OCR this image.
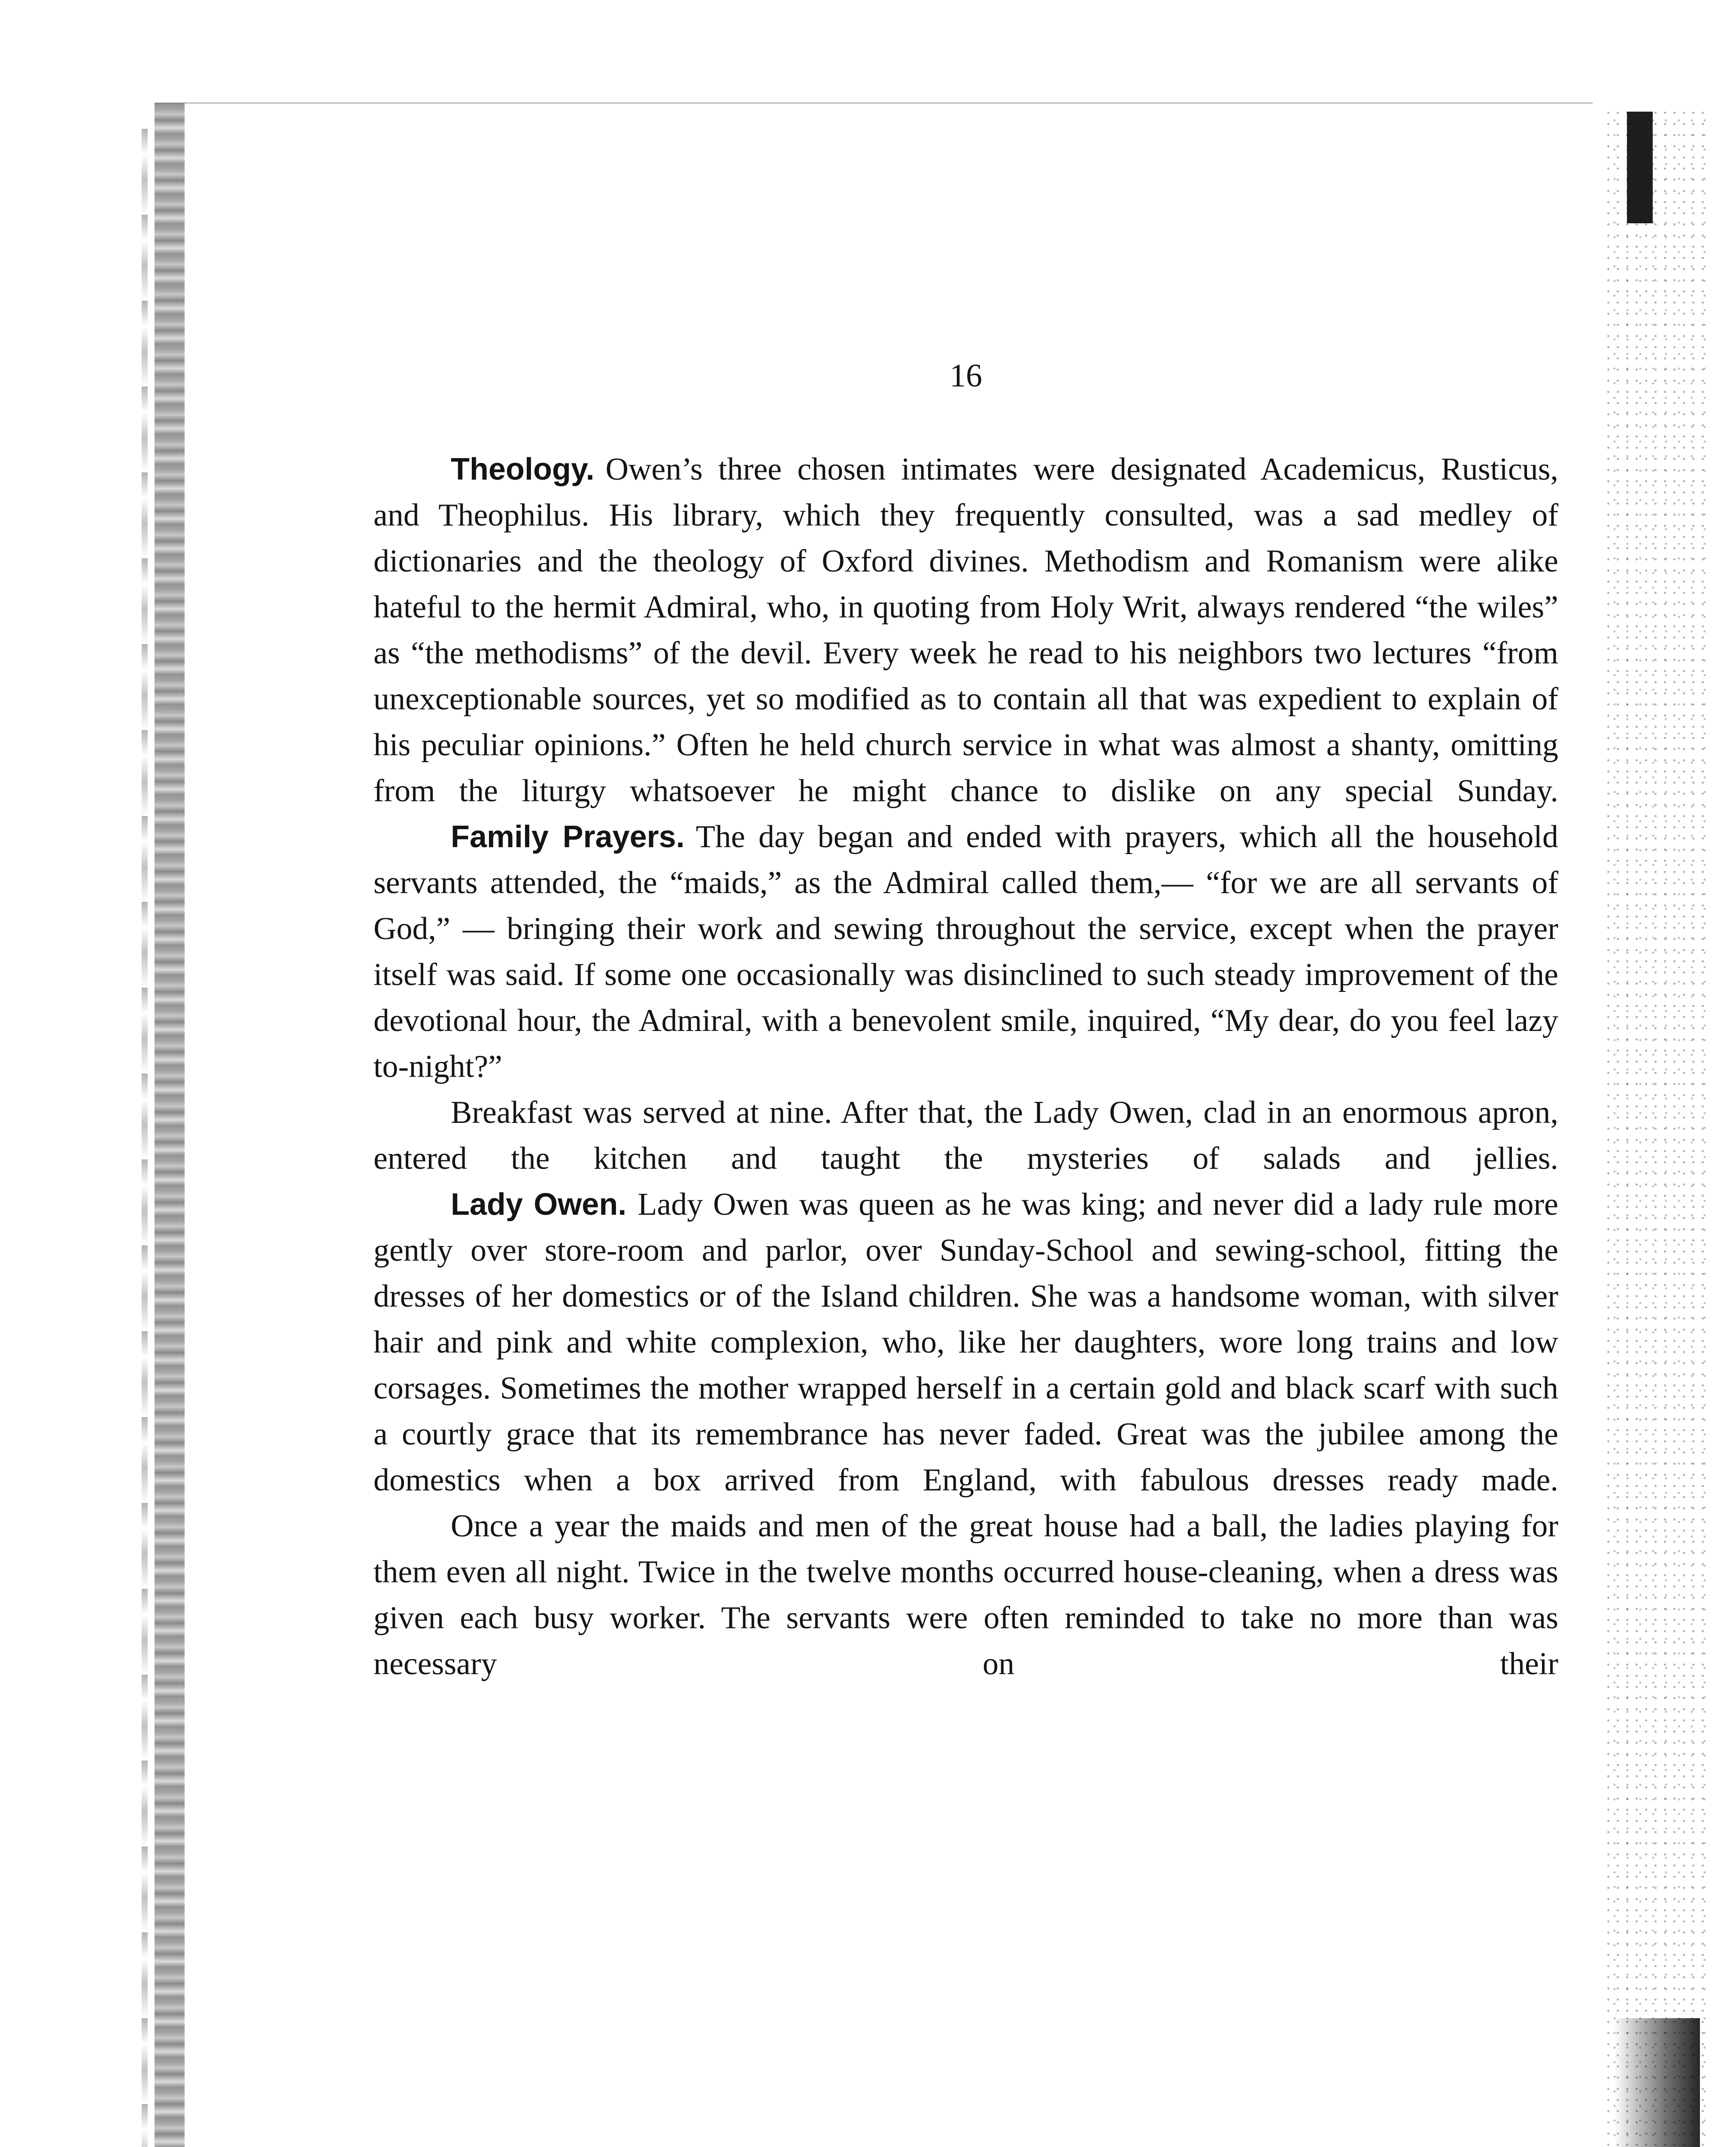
16

Theology. Owen’s three chosen intimates were designated Academicus, Rusticus, and Theophilus. His library, which they frequently consulted, was a sad medley of dictionaries and the theology of Oxford divines. Methodism and Romanism were alike hateful to the hermit Admiral, who, in quoting from Holy Writ, always rendered “the wiles” as “the methodisms” of the devil. Every week he read to his neighbors two lectures “from unexceptionable sources, yet so modified as to contain all that was expedient to explain of his peculiar opinions.” Often he held church service in what was almost a shanty, omitting from the liturgy whatsoever he might chance to dislike on any special Sunday.

Family Prayers. The day began and ended with prayers, which all the household servants attended, the “maids,” as the Admiral called them,— “for we are all servants of God,” — bringing their work and sewing throughout the service, except when the prayer itself was said. If some one occasionally was disinclined to such steady improvement of the devotional hour, the Admiral, with a benevolent smile, inquired, “My dear, do you feel lazy to-night?”

Breakfast was served at nine. After that, the Lady Owen, clad in an enormous apron, entered the kitchen and taught the mysteries of salads and jellies.

Lady Owen. Lady Owen was queen as he was king; and never did a lady rule more gently over store-room and parlor, over Sunday-School and sewing-school, fitting the dresses of her domestics or of the Island children. She was a handsome woman, with silver hair and pink and white complexion, who, like her daughters, wore long trains and low corsages. Sometimes the mother wrapped herself in a certain gold and black scarf with such a courtly grace that its remembrance has never faded. Great was the jubilee among the domestics when a box arrived from England, with fabulous dresses ready made.

Once a year the maids and men of the great house had a ball, the ladies playing for them even all night. Twice in the twelve months occurred house-cleaning, when a dress was given each busy worker. The servants were often reminded to take no more than was necessary on their
